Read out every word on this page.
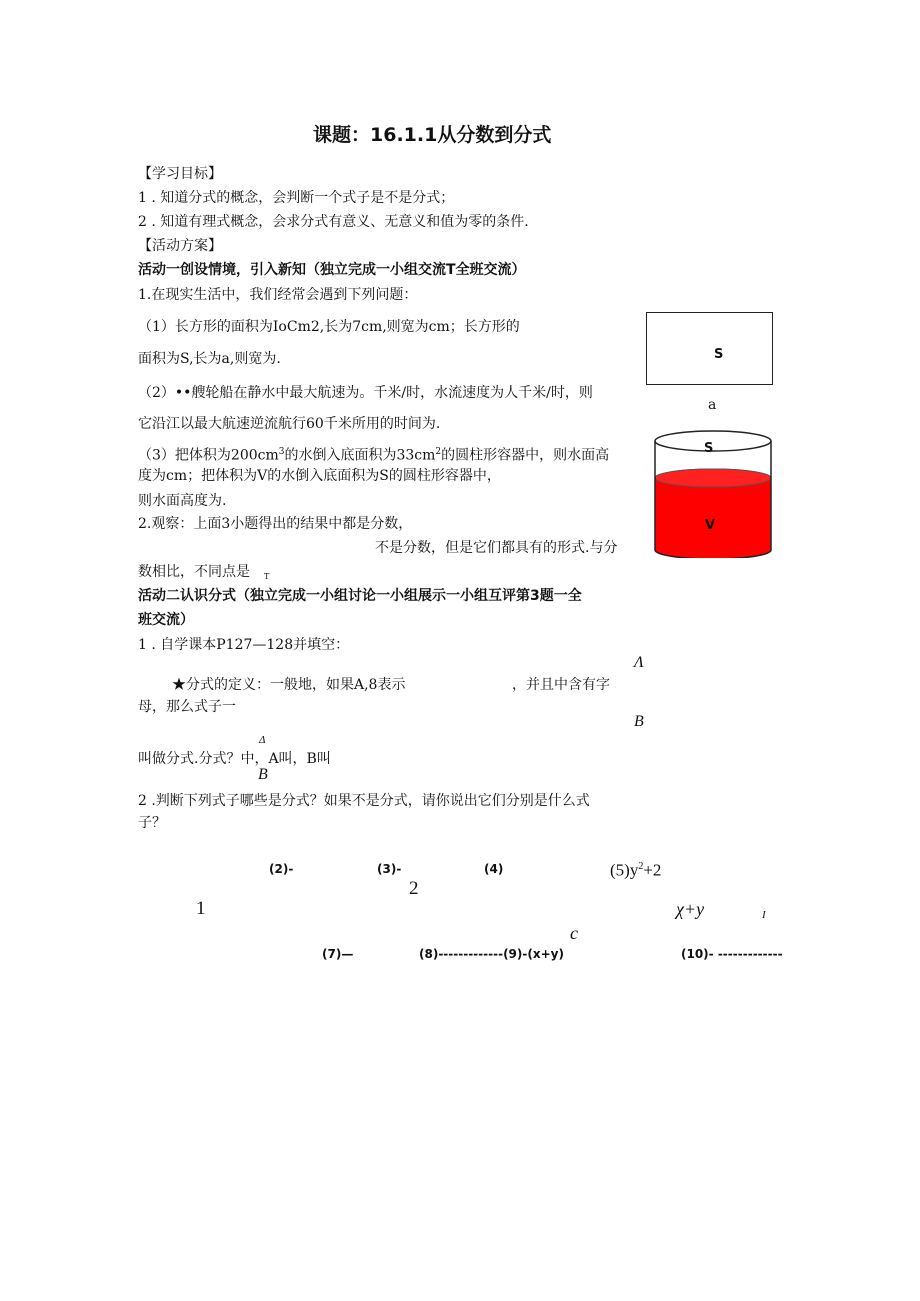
课题：16.1.1从分数到分式
【学习目标】
1 . 知道分式的概念，会判断一个式子是不是分式；
2 . 知道有理式概念，会求分式有意义、无意义和值为零的条件.
【活动方案】
活动一创设情境，引入新知（独立完成一小组交流T全班交流）
1.在现实生活中，我们经常会遇到下列问题：
（1）长方形的面积为IoCm2,长为7cm,则宽为cm；长方形的
面积为S,长为a,则宽为.
（2）••艘轮船在静水中最大航速为。千米/时，水流速度为人千米/时，则
它沿江以最大航速逆流航行60千米所用的时间为.
（3）把体积为$200cm^3$的水倒入底面积为$33cm^2$的圆柱形容器中，则水面高
度为cm；把体积为V的水倒入底面积为S的圆柱形容器中，
则水面高度为.
2.观察：上面3小题得出的结果中都是分数，
不是分数，但是它们都具有的形式.与分
数相比，不同点是 T
S
a
S
V
活动二认识分式（独立完成一小组讨论一小组展示一小组互评第3题一全
班交流）
1 . 自学课本P127—128并填空：
Λ
★分式的定义：一般地，如果A,8表示	，并且中含有字
母，那么式子一
B
Δ
叫做分式.分式？中，A叫，B叫
B
2 .判断下列式子哪些是分式？如果不是分式，请你说出它们分别是什么式
子？
(2)-	(3)-	(4)	$(5)y^2+2$
2
1	χ+y	I
c
(7)—	(8)-------------(9)-(x+y)	(10)- -------------
